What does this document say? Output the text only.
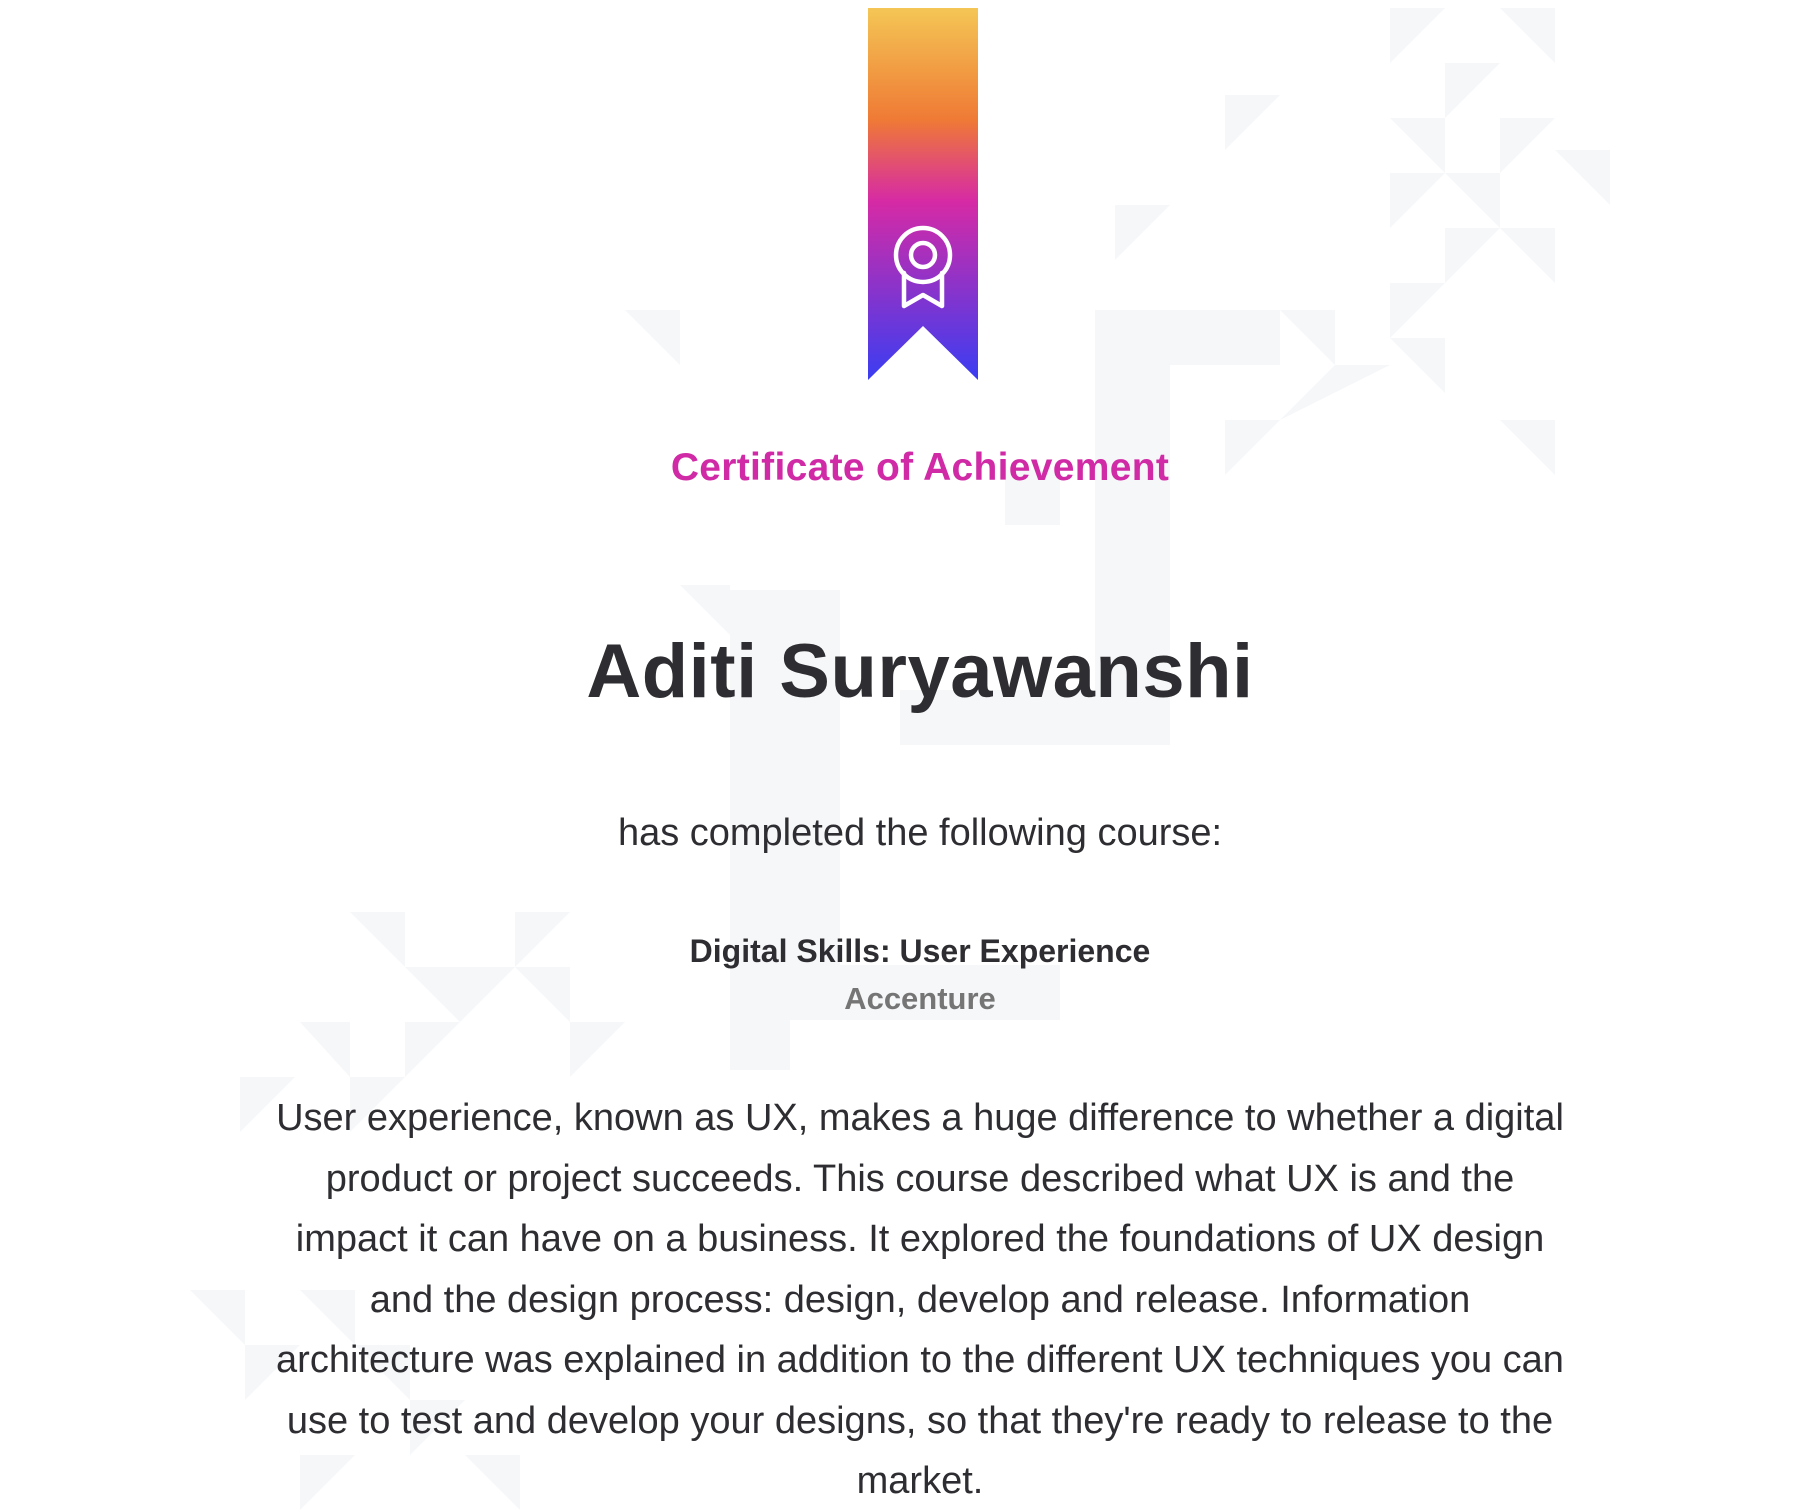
Certificate of Achievement
Aditi Suryawanshi
has completed the following course:
Digital Skills: User Experience
Accenture
User experience, known as UX, makes a huge difference to whether a digital product or project succeeds. This course described what UX is and the impact it can have on a business. It explored the foundations of UX design and the design process: design, develop and release. Information architecture was explained in addition to the different UX techniques you can use to test and develop your designs, so that they're ready to release to the market.
